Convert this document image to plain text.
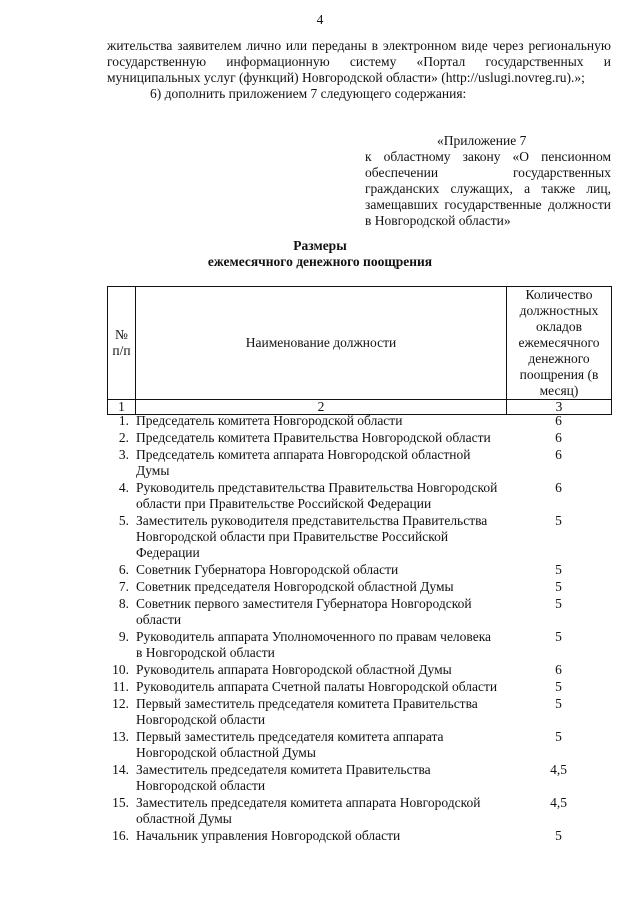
4

жительства заявителем лично или переданы в электронном виде через региональную государственную информационную систему «Портал государственных и муниципальных услуг (функций) Новгородской области» (http://uslugi.novreg.ru).»;

6) дополнить приложением 7 следующего содержания:

«Приложение 7
к областному закону «О пенсионном обеспечении государственных гражданских служащих, а также лиц, замещавших государственные должности в Новгородской области»
Размеры
ежемесячного денежного поощрения
№ п/п	Наименование должности	Количество должностных окладов ежемесячного денежного поощрения (в месяц)
1	2	3
1.	Председатель комитета Новгородской области	6
2.	Председатель комитета Правительства Новгородской области	6
3.	Председатель комитета аппарата Новгородской областной Думы	6
4.	Руководитель представительства Правительства Новгородской области при Правительстве Российской Федерации	6
5.	Заместитель руководителя представительства Правительства Новгородской области при Правительстве Российской Федерации	5
6.	Советник Губернатора Новгородской области	5
7.	Советник председателя Новгородской областной Думы	5
8.	Советник первого заместителя Губернатора Новгородской области	5
9.	Руководитель аппарата Уполномоченного по правам человека в Новгородской области	5
10.	Руководитель аппарата Новгородской областной Думы	6
11.	Руководитель аппарата Счетной палаты Новгородской области	5
12.	Первый заместитель председателя комитета Правительства Новгородской области	5
13.	Первый заместитель председателя комитета аппарата Новгородской областной Думы	5
14.	Заместитель председателя комитета Правительства Новгородской области	4,5
15.	Заместитель председателя комитета аппарата Новгородской областной Думы	4,5
16.	Начальник управления Новгородской области	5
